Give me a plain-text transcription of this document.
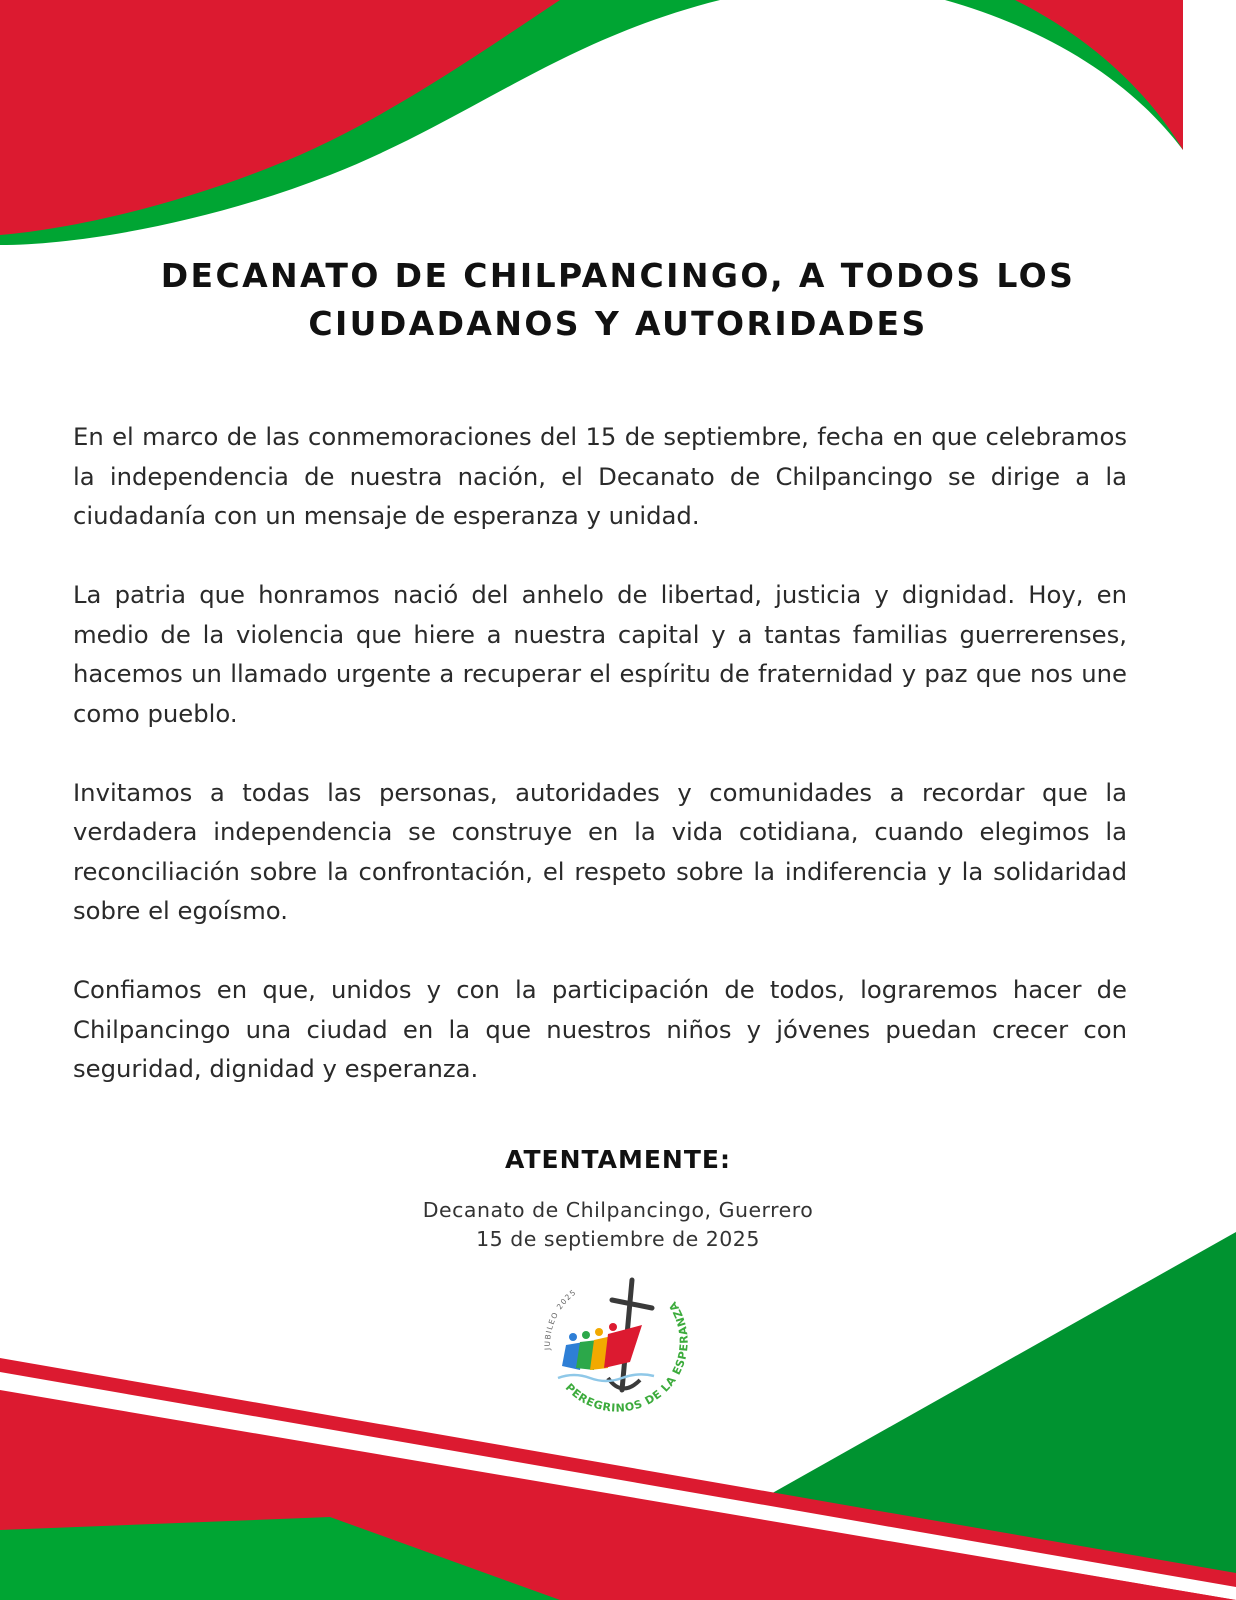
DECANATO DE CHILPANCINGO, A TODOS LOS
CIUDADANOS Y AUTORIDADES

En el marco de las conmemoraciones del 15 de septiembre, fecha en que celebramos la independencia de nuestra nación, el Decanato de Chilpancingo se dirige a la ciudadanía con un mensaje de esperanza y unidad.

La patria que honramos nació del anhelo de libertad, justicia y dignidad. Hoy, en medio de la violencia que hiere a nuestra capital y a tantas familias guerrerenses, hacemos un llamado urgente a recuperar el espíritu de fraternidad y paz que nos une como pueblo.

Invitamos a todas las personas, autoridades y comunidades a recordar que la verdadera independencia se construye en la vida cotidiana, cuando elegimos la reconciliación sobre la confrontación, el respeto sobre la indiferencia y la solidaridad sobre el egoísmo.

Confiamos en que, unidos y con la participación de todos, lograremos hacer de Chilpancingo una ciudad en la que nuestros niños y jóvenes puedan crecer con seguridad, dignidad y esperanza.

ATENTAMENTE:
Decanato de Chilpancingo, Guerrero
15 de septiembre de 2025
JUBILEO 2025
PEREGRINOS DE LA ESPERANZA
